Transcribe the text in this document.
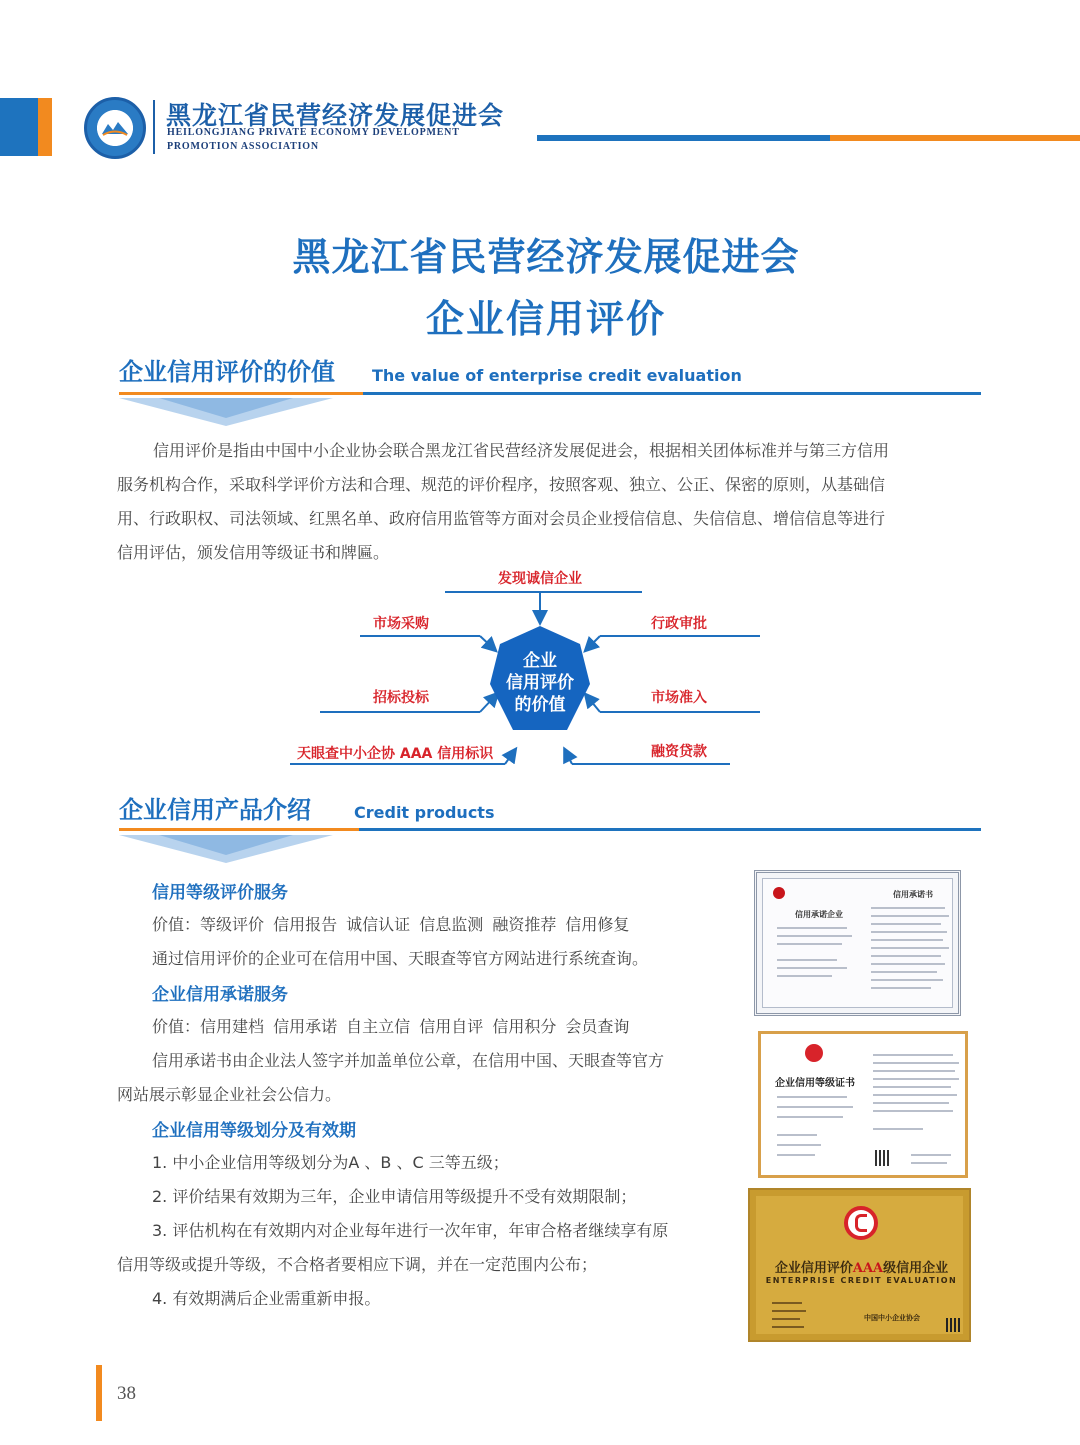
黑龙江省民营经济发展促进会
HEILONGJIANG PRIVATE ECONOMY DEVELOPMENT
PROMOTION ASSOCIATION
黑龙江省民营经济发展促进会
企业信用评价
企业信用评价的价值 The value of enterprise credit evaluation
信用评价是指由中国中小企业协会联合黑龙江省民营经济发展促进会，根据相关团体标准并与第三方信用
服务机构合作，采取科学评价方法和合理、规范的评价程序，按照客观、独立、公正、保密的原则，从基础信
用、行政职权、司法领域、红黑名单、政府信用监管等方面对会员企业授信信息、失信信息、增信信息等进行
信用评估，颁发信用等级证书和牌匾。
企业
信用评价
的价值
发现诚信企业
市场采购
招标投标
天眼查中小企协 AAA 信用标识
行政审批
市场准入
融资贷款
企业信用产品介绍	Credit products
信用等级评价服务
价值：等级评价 信用报告 诚信认证 信息监测 融资推荐 信用修复
通过信用评价的企业可在信用中国、天眼查等官方网站进行系统查询。
企业信用承诺服务
价值：信用建档 信用承诺 自主立信 信用自评 信用积分 会员查询
信用承诺书由企业法人签字并加盖单位公章，在信用中国、天眼查等官方
网站展示彰显企业社会公信力。
企业信用等级划分及有效期
1. 中小企业信用等级划分为A 、B 、C 三等五级；
2. 评价结果有效期为三年，企业申请信用等级提升不受有效期限制；
3. 评估机构在有效期内对企业每年进行一次年审，年审合格者继续享有原
信用等级或提升等级，不合格者要相应下调，并在一定范围内公布；
4. 有效期满后企业需重新申报。
信用承诺书
信用承诺企业
企业信用等级证书
企业信用评价AAA级信用企业
ENTERPRISE CREDIT EVALUATION
中国中小企业协会
38
